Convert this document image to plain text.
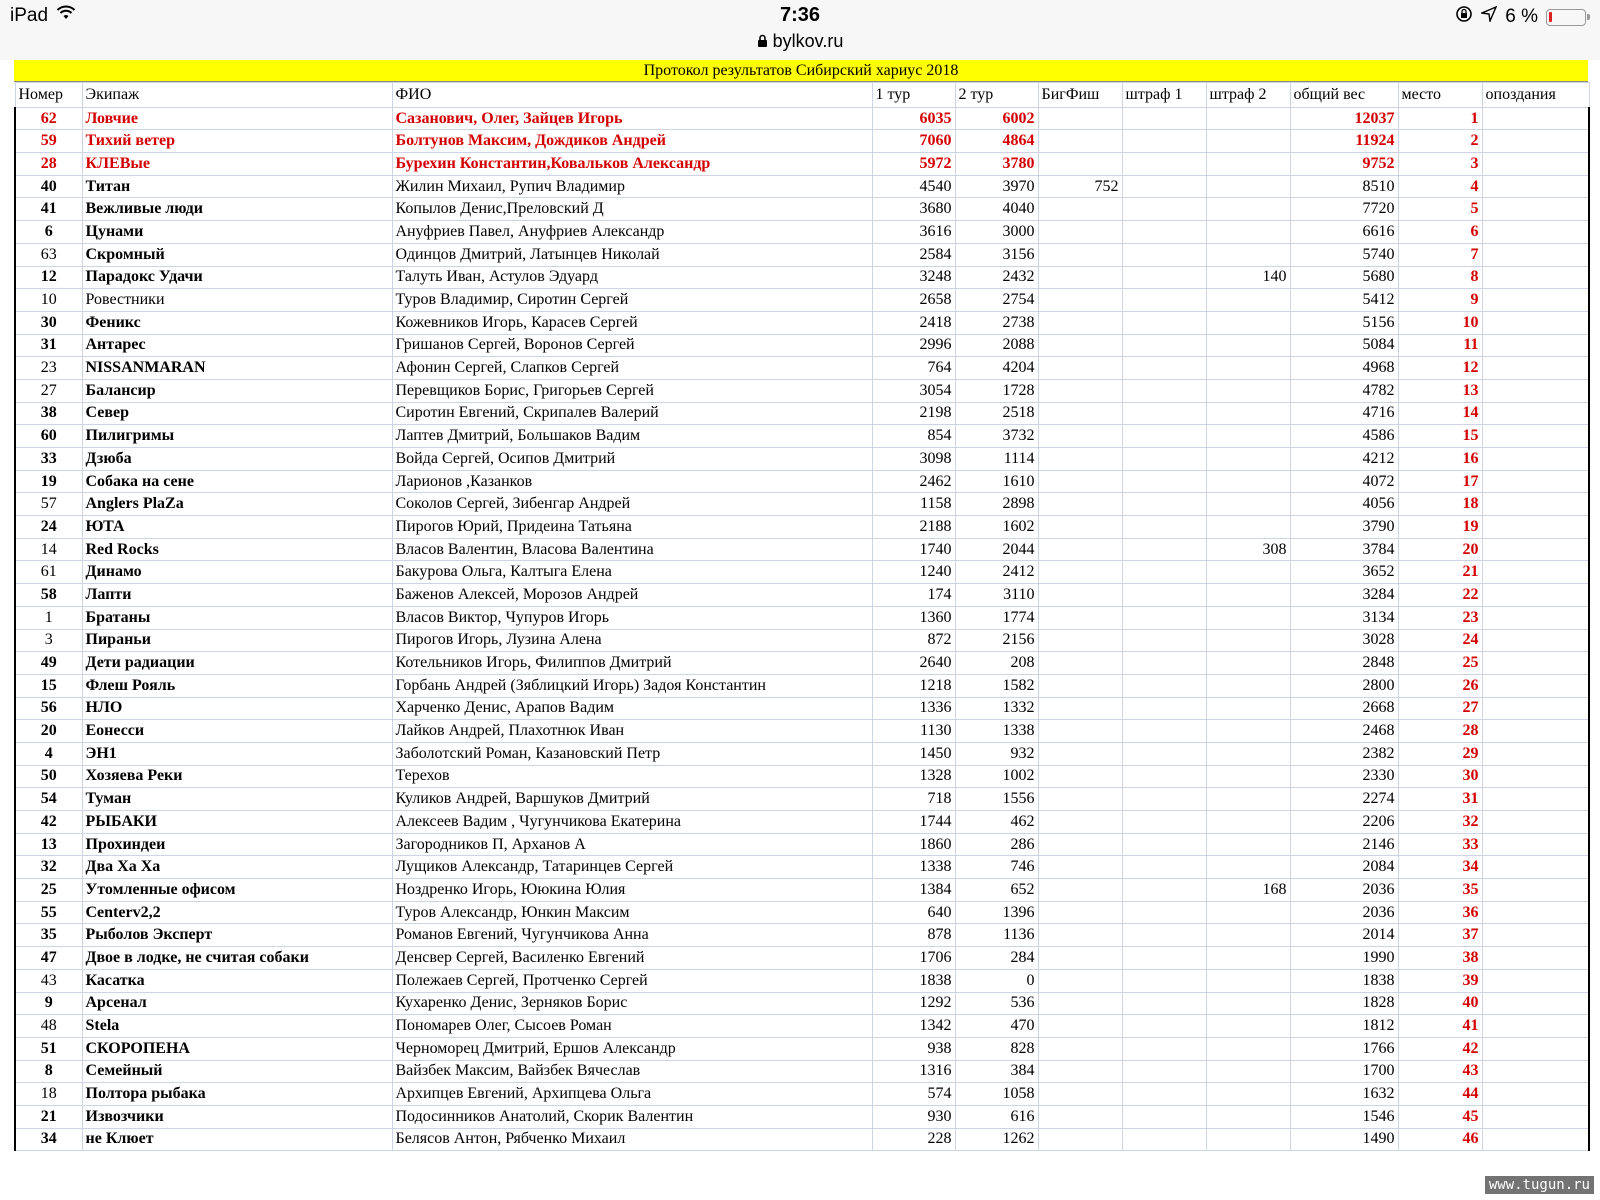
iPad	7:36
bylkov.ru
6 %
Протокол результатов Сибирский хариус 2018
Номер	Экипаж	ФИО	1 тур	2 тур	БигФиш	штраф 1	штраф 2	общий вес	место	опоздания
62	Ловчие	Сазанович, Олег, Зайцев Игорь	6035	6002				12037	1	
59	Тихий ветер	Болтунов Максим, Дождиков Андрей	7060	4864				11924	2	
28	КЛЕВые	Бурехин Константин,Ковальков Александр	5972	3780				9752	3	
40	Титан	Жилин Михаил, Рупич Владимир	4540	3970	752			8510	4	
41	Вежливые люди	Копылов Денис,Преловский Д	3680	4040				7720	5	
6	Цунами	Ануфриев Павел, Ануфриев Александр	3616	3000				6616	6	
63	Скромный	Одинцов Дмитрий, Латынцев Николай	2584	3156				5740	7	
12	Парадокс Удачи	Талуть Иван, Астулов Эдуард	3248	2432			140	5680	8	
10	Ровестники	Туров Владимир, Сиротин Сергей	2658	2754				5412	9	
30	Феникс	Кожевников Игорь, Карасев Сергей	2418	2738				5156	10	
31	Антарес	Гришанов Сергей, Воронов Сергей	2996	2088				5084	11	
23	NISSANMARAN	Афонин Сергей, Слапков Сергей	764	4204				4968	12	
27	Балансир	Перевщиков Борис, Григорьев Сергей	3054	1728				4782	13	
38	Север	Сиротин Евгений, Скрипалев Валерий	2198	2518				4716	14	
60	Пилигримы	Лаптев Дмитрий, Большаков Вадим	854	3732				4586	15	
33	Дзюба	Войда Сергей, Осипов Дмитрий	3098	1114				4212	16	
19	Собака на сене	Ларионов ,Казанков	2462	1610				4072	17	
57	Anglers PlaZa	Соколов Сергей, Зибенгар Андрей	1158	2898				4056	18	
24	ЮТА	Пирогов Юрий, Придеина Татьяна	2188	1602				3790	19	
14	Red Rocks	Власов Валентин, Власова Валентина	1740	2044			308	3784	20	
61	Динамо	Бакурова Ольга, Калтыга Елена	1240	2412				3652	21	
58	Лапти	Баженов Алексей, Морозов Андрей	174	3110				3284	22	
1	Братаны	Власов Виктор, Чупуров Игорь	1360	1774				3134	23	
3	Пираньи	Пирогов Игорь, Лузина Алена	872	2156				3028	24	
49	Дети радиации	Котельников Игорь, Филиппов Дмитрий	2640	208				2848	25	
15	Флеш Рояль	Горбань Андрей (Зяблицкий Игорь) Задоя Константин	1218	1582				2800	26	
56	НЛО	Харченко Денис, Арапов Вадим	1336	1332				2668	27	
20	Еонесси	Лайков Андрей, Плахотнюк Иван	1130	1338				2468	28	
4	ЭН1	Заболотский Роман, Казановский Петр	1450	932				2382	29	
50	Хозяева Реки	Терехов	1328	1002				2330	30	
54	Туман	Куликов Андрей, Варшуков Дмитрий	718	1556				2274	31	
42	РЫБАКИ	Алексеев Вадим , Чугунчикова Екатерина	1744	462				2206	32	
13	Прохиндеи	Загородников П, Арханов А	1860	286				2146	33	
32	Два Ха Ха	Лущиков Александр, Татаринцев Сергей	1338	746				2084	34	
25	Утомленные офисом	Ноздренко Игорь, Ююкина Юлия	1384	652			168	2036	35	
55	Centerv2,2	Туров Александр, Юнкин Максим	640	1396				2036	36	
35	Рыболов Эксперт	Романов Евгений, Чугунчикова Анна	878	1136				2014	37	
47	Двое в лодке, не считая собаки	Денсвер Сергей, Василенко Евгений	1706	284				1990	38	
43	Касатка	Полежаев Сергей, Протченко Сергей	1838	0				1838	39	
9	Арсенал	Кухаренко Денис, Зерняков Борис	1292	536				1828	40	
48	Stela	Пономарев Олег, Сысоев Роман	1342	470				1812	41	
51	СКОРОПЕНА	Черноморец Дмитрий, Ершов Александр	938	828				1766	42	
8	Семейный	Вайзбек Максим, Вайзбек Вячеслав	1316	384				1700	43	
18	Полтора рыбака	Архипцев Евгений, Архипцева Ольга	574	1058				1632	44	
21	Извозчики	Подосинников Анатолий, Скорик Валентин	930	616				1546	45	
34	не Клюет	Белясов Антон, Рябченко Михаил	228	1262				1490	46	
www.tugun.ru
